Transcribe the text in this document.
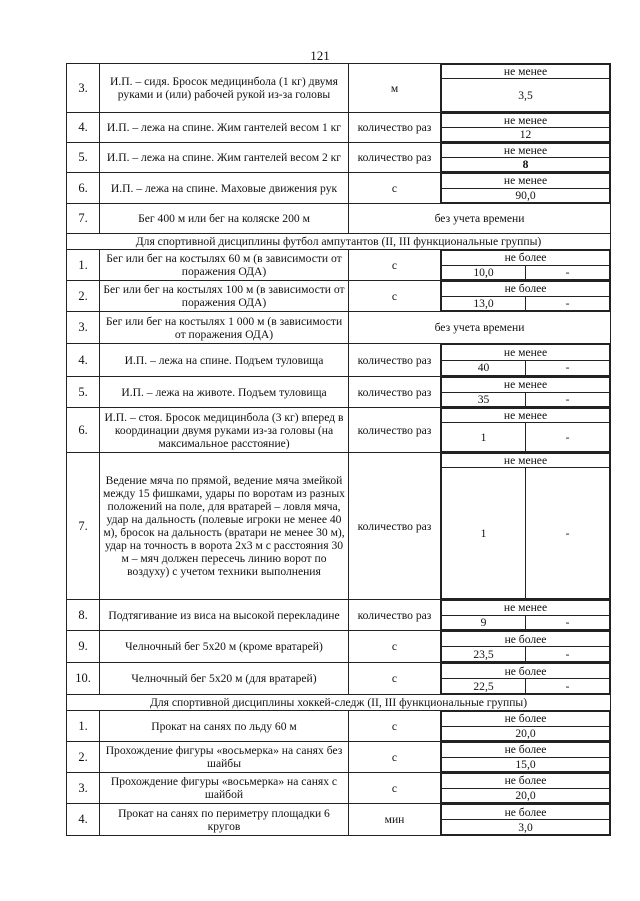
121
3.	И.П. – сидя. Бросок медицинбола (1 кг) двумя руками и (или) рабочей рукой из-за головы	м	
не менее
3,5

4.	И.П. – лежа на спине. Жим гантелей весом 1 кг	количество раз	
не менее
12

5.	И.П. – лежа на спине. Жим гантелей весом 2 кг	количество раз	
не менее
8

6.	И.П. – лежа на спине. Маховые движения рук	с	
не менее
90,0

7.	Бег 400 м или бег на коляске 200 м	без учета времени
Для спортивной дисциплины футбол ампутантов (II, III функциональные группы)
1.	Бег или бег на костылях 60 м (в зависимости от поражения ОДА)	с	
не более
10,0	-

2.	Бег или бег на костылях 100 м (в зависимости от поражения ОДА)	с	
не более
13,0	-

3.	Бег или бег на костылях 1 000 м (в зависимости от поражения ОДА)	без учета времени
4.	И.П. – лежа на спине. Подъем туловища	количество раз	
не менее
40	-

5.	И.П. – лежа на животе. Подъем туловища	количество раз	
не менее
35	-

6.	И.П. – стоя. Бросок медицинбола (3 кг) вперед в координации двумя руками из-за головы (на максимальное расстояние)	количество раз	
не менее
1	-

7.	Ведение мяча по прямой, ведение мяча змейкой между 15 фишками, удары по воротам из разных положений на поле, для вратарей – ловля мяча, удар на дальность (полевые игроки не менее 40 м), бросок на дальность (вратари не менее 30 м), удар на точность в ворота 2х3 м с расстояния 30 м – мяч должен пересечь линию ворот по воздуху) с учетом техники выполнения	количество раз	
не менее
1	-

8.	Подтягивание из виса на высокой перекладине	количество раз	
не менее
9	-

9.	Челночный бег 5х20 м (кроме вратарей)	с	
не более
23,5	-

10.	Челночный бег 5х20 м (для вратарей)	с	
не более
22,5	-

Для спортивной дисциплины хоккей-следж (II, III функциональные группы)
1.	Прокат на санях по льду 60 м	с	
не более
20,0

2.	Прохождение фигуры «восьмерка» на санях без шайбы	с	
не более
15,0

3.	Прохождение фигуры «восьмерка» на санях с шайбой	с	
не более
20,0

4.	Прокат на санях по периметру площадки 6 кругов	мин	
не более
3,0
